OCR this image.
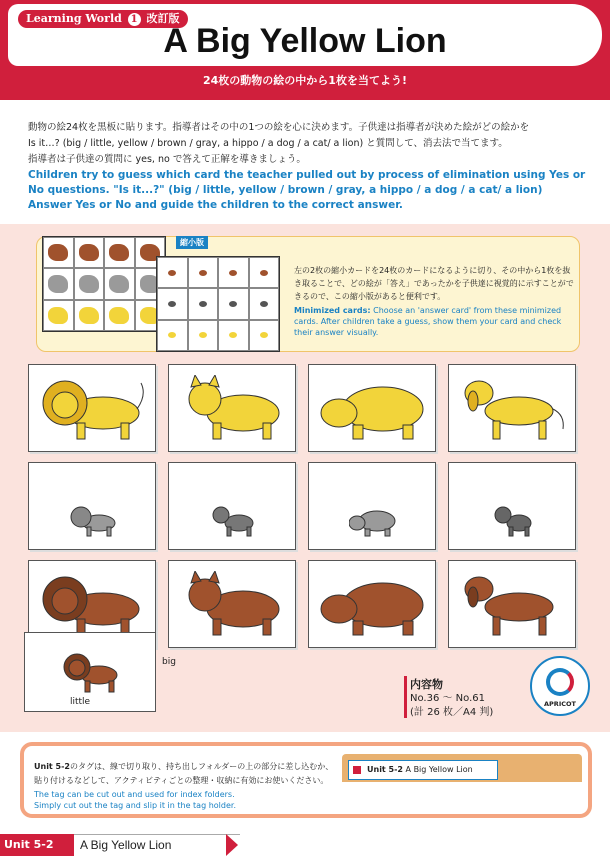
Learning World 1 改訂版
A Big Yellow Lion
24枚の動物の絵の中から1枚を当てよう!
動物の絵24枚を黒板に貼ります。指導者はその中の1つの絵を心に決めます。子供達は指導者が決めた絵がどの絵かを
Is it…? (big / little, yellow / brown / gray, a hippo / a dog / a cat/ a lion) と質問して、消去法で当てます。
指導者は子供達の質問に yes, no で答えて正解を導きましょう。
Children try to guess which card the teacher pulled out by process of elimination using Yes or No questions. "Is it...?" (big / little, yellow / brown / gray, a hippo / a dog / a cat/ a lion) Answer Yes or No and guide the children to the correct answer.
縮小版
左の2枚の縮小カードを24枚のカードになるように切り、その中から1枚を抜き取ることで、どの絵が「答え」であったかを子供達に視覚的に示すことができるので、この縮小版があると便利です。
Minimized cards: Choose an 'answer card' from these minimized cards. After children take a guess, show them your card and check their answer visually.
big
little
内容物
No.36 ～ No.61
(計 26 枚／A4 判)
APRICOT
Unit 5-2のタグは、線で切り取り、持ち出しフォルダーの上の部分に差し込むか、
貼り付けるなどして、アクティビティごとの整理・収納に有効にお使いください。
The tag can be cut out and used for index folders.
Simply cut out the tag and slip it in the tag holder.
Unit 5-2 A Big Yellow Lion
Unit 5-2	A Big Yellow Lion
